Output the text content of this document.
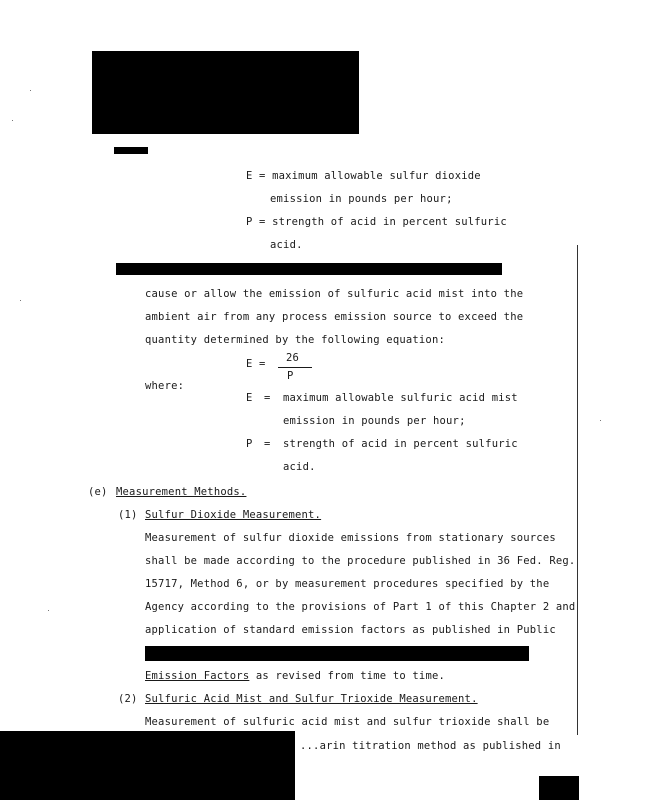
E = maximum allowable sulfur dioxide
emission in pounds per hour;
P = strength of acid in percent sulfuric
acid.
cause or allow the emission of sulfuric acid mist into the
ambient air from any process emission source to exceed the
quantity determined by the following equation:
E = 26
P
where:
E = maximum allowable sulfuric acid mist
emission in pounds per hour;
P = strength of acid in percent sulfuric
acid.
(e) Measurement Methods.
(1) Sulfur Dioxide Measurement.
Measurement of sulfur dioxide emissions from stationary sources
shall be made according to the procedure published in 36 Fed. Reg.
15717, Method 6, or by measurement procedures specified by the
Agency according to the provisions of Part 1 of this Chapter 2 and
application of standard emission factors as published in Public
Emission Factors as revised from time to time.
(2) Sulfuric Acid Mist and Sulfur Trioxide Measurement.
Measurement of sulfuric acid mist and sulfur trioxide shall be
...arin titration method as published in
